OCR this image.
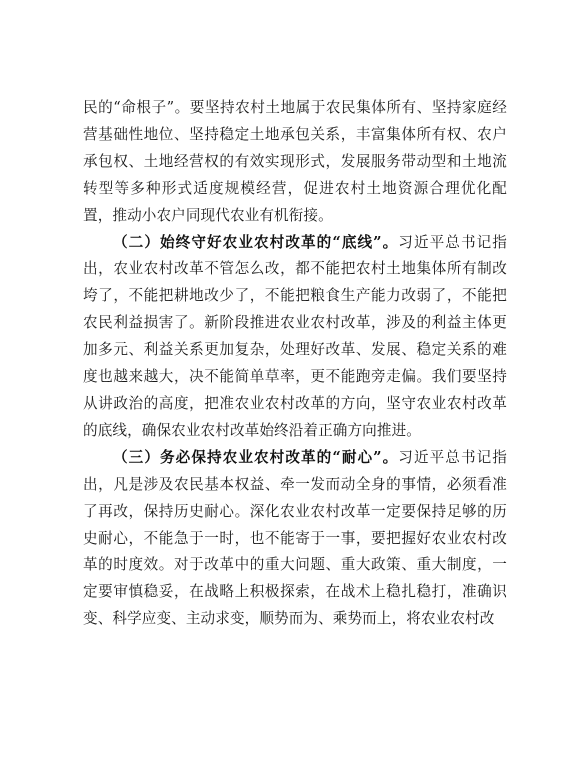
民的“命根子”。要坚持农村土地属于农民集体所有、坚持家庭经营基础性地位、坚持稳定土地承包关系，丰富集体所有权、农户承包权、土地经营权的有效实现形式，发展服务带动型和土地流转型等多种形式适度规模经营，促进农村土地资源合理优化配置，推动小农户同现代农业有机衔接。

（二）始终守好农业农村改革的“底线”。习近平总书记指出，农业农村改革不管怎么改，都不能把农村土地集体所有制改垮了，不能把耕地改少了，不能把粮食生产能力改弱了，不能把农民利益损害了。新阶段推进农业农村改革，涉及的利益主体更加多元、利益关系更加复杂，处理好改革、发展、稳定关系的难度也越来越大，决不能简单草率，更不能跑旁走偏。我们要坚持从讲政治的高度，把准农业农村改革的方向，坚守农业农村改革的底线，确保农业农村改革始终沿着正确方向推进。

（三）务必保持农业农村改革的“耐心”。习近平总书记指出，凡是涉及农民基本权益、牵一发而动全身的事情，必须看准了再改，保持历史耐心。深化农业农村改革一定要保持足够的历史耐心，不能急于一时，也不能寄于一事，要把握好农业农村改革的时度效。对于改革中的重大问题、重大政策、重大制度，一定要审慎稳妥，在战略上积极探索，在战术上稳扎稳打，准确识变、科学应变、主动求变，顺势而为、乘势而上，将农业农村改
